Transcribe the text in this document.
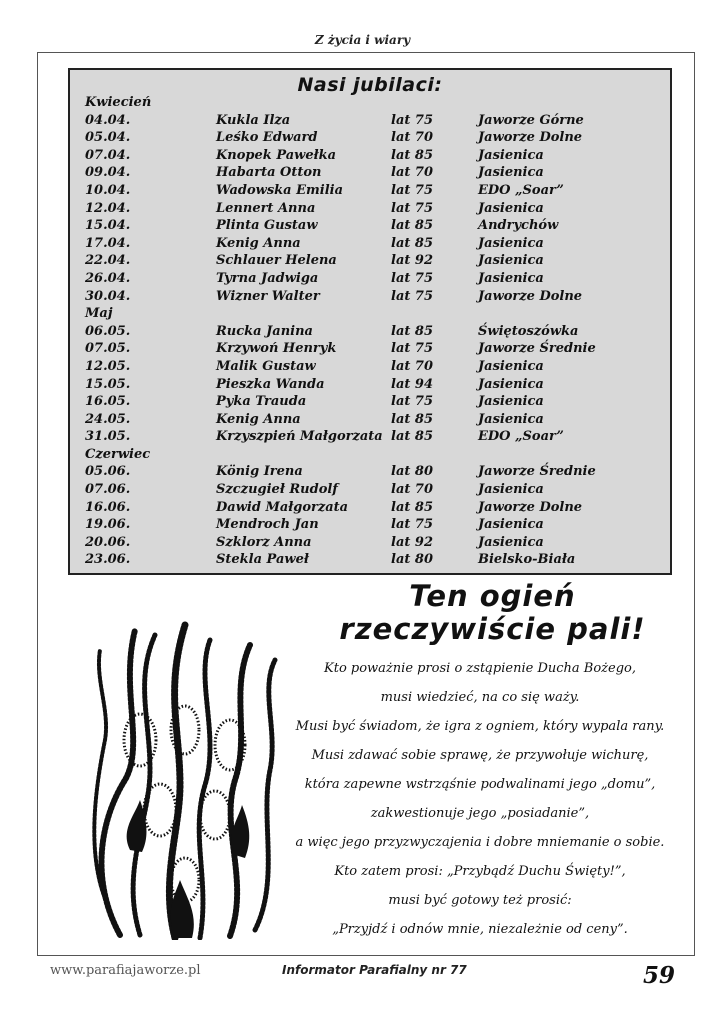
Z życia i wiary
Nasi jubilaci:
Kwiecień
04.04.	Kukla Ilza	lat 75	Jaworze Górne
05.04.	Leśko Edward	lat 70	Jaworze Dolne
07.04.	Knopek Pawełka	lat 85	Jasienica
09.04.	Habarta Otton	lat 70	Jasienica
10.04.	Wadowska Emilia	lat 75	EDO „Soar”
12.04.	Lennert Anna	lat 75	Jasienica
15.04.	Plinta Gustaw	lat 85	Andrychów
17.04.	Kenig Anna	lat 85	Jasienica
22.04.	Schlauer Helena	lat 92	Jasienica
26.04.	Tyrna Jadwiga	lat 75	Jasienica
30.04.	Wizner Walter	lat 75	Jaworze Dolne
Maj
06.05.	Rucka Janina	lat 85	Świętoszówka
07.05.	Krzywoń Henryk	lat 75	Jaworze Średnie
12.05.	Malik Gustaw	lat 70	Jasienica
15.05.	Pieszka Wanda	lat 94	Jasienica
16.05.	Pyka Trauda	lat 75	Jasienica
24.05.	Kenig Anna	lat 85	Jasienica
31.05.	Krzyszpień Małgorzata lat 85	EDO „Soar”
Czerwiec
05.06.	König Irena	lat 80	Jaworze Średnie
07.06.	Szczugieł Rudolf	lat 70	Jasienica
16.06.	Dawid Małgorzata	lat 85	Jaworze Dolne
19.06.	Mendroch Jan	lat 75	Jasienica
20.06.	Szklorz Anna	lat 92	Jasienica
23.06.	Stekla Paweł	lat 80	Bielsko-Biała
Ten ogień
rzeczywiście pali!
Kto poważnie prosi o zstąpienie Ducha Bożego,
musi wiedzieć, na co się waży.
Musi być świadom, że igra z ogniem, który wypala rany.
Musi zdawać sobie sprawę, że przywołuje wichurę,
która zapewne wstrząśnie podwalinami jego „domu”,
zakwestionuje jego „posiadanie”,
a więc jego przyzwyczajenia i dobre mniemanie o sobie.
Kto zatem prosi: „Przybądź Duchu Święty!”,
musi być gotowy też prosić:
„Przyjdź i odnów mnie, niezależnie od ceny”.
www.parafiajaworze.pl	Informator Parafialny nr 77	59
